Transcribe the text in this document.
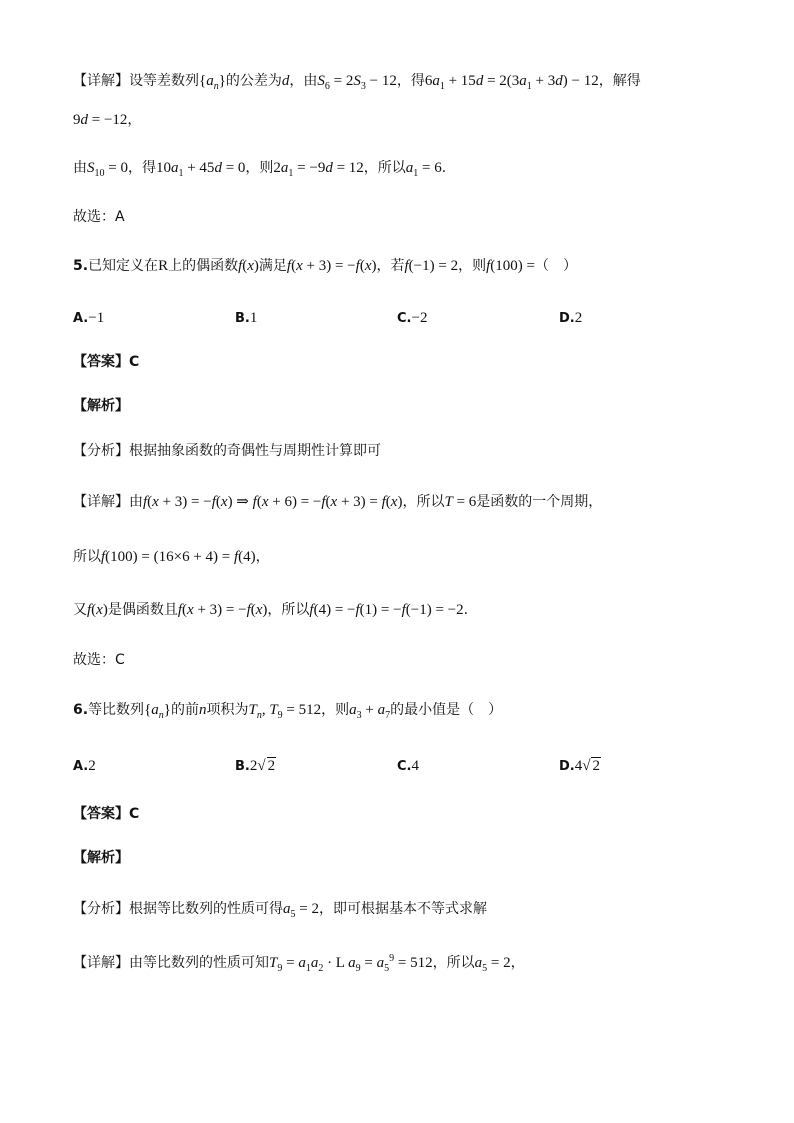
【详解】设等差数列$\{a_n\}$的公差为d，由$S_6 = 2S_3 - 12$，得$6a_1 + 15d = 2(3a_1 + 3d) - 12$，解得
9d = −12，
由$S_{10} = 0$，得$10a_1 + 45d = 0$，则$2a_1 = -9d = 12$，所以$a_1 = 6$.
故选：A
5.已知定义在R上的偶函数f(x)满足f(x + 3) = −f(x)，若f(−1) = 2，则f(100) =（　）
A.−1	B.1	C.−2	D.2
【答案】C
【解析】
【分析】根据抽象函数的奇偶性与周期性计算即可
【详解】由f(x + 3) = −f(x) ⇒ f(x + 6) = −f(x + 3) = f(x)，所以T = 6是函数的一个周期，
所以f(100) = (16×6 + 4) = f(4)，
又f(x)是偶函数且f(x + 3) = −f(x)，所以f(4) = −f(1) = −f(−1) = −2.
故选：C
6.等比数列$\{a_n\}$的前n项积为$T_n$, $T_9 = 512$，则$a_3 + a_7$的最小值是（　）
A.2	B.2√ 2	C.4	D.4√ 2
【答案】C
【解析】
【分析】根据等比数列的性质可得$a_5 = 2$，即可根据基本不等式求解
【详解】由等比数列的性质可知$T_9 = a_1a_2 \cdot L$ $a_9 = a_5^9 = 512$，所以$a_5 = 2$，
